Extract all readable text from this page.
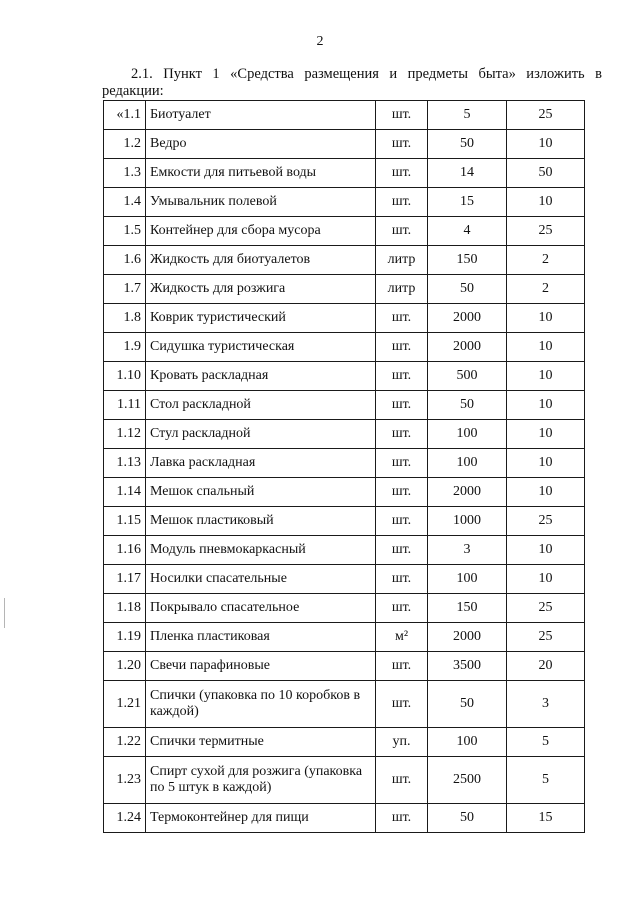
2
2.1. Пункт 1 «Средства размещения и предметы быта» изложить в
редакции:
«1.1	Биотуалет	шт.	5	25
1.2	Ведро	шт.	50	10
1.3	Емкости для питьевой воды	шт.	14	50
1.4	Умывальник полевой	шт.	15	10
1.5	Контейнер для сбора мусора	шт.	4	25
1.6	Жидкость для биотуалетов	литр	150	2
1.7	Жидкость для розжига	литр	50	2
1.8	Коврик туристический	шт.	2000	10
1.9	Сидушка туристическая	шт.	2000	10
1.10	Кровать раскладная	шт.	500	10
1.11	Стол раскладной	шт.	50	10
1.12	Стул раскладной	шт.	100	10
1.13	Лавка раскладная	шт.	100	10
1.14	Мешок спальный	шт.	2000	10
1.15	Мешок пластиковый	шт.	1000	25
1.16	Модуль пневмокаркасный	шт.	3	10
1.17	Носилки спасательные	шт.	100	10
1.18	Покрывало спасательное	шт.	150	25
1.19	Пленка пластиковая	м²	2000	25
1.20	Свечи парафиновые	шт.	3500	20
1.21	Спички (упаковка по 10 коробков в каждой)	шт.	50	3
1.22	Спички термитные	уп.	100	5
1.23	Спирт сухой для розжига (упаковка по 5 штук в каждой)	шт.	2500	5
1.24	Термоконтейнер для пищи	шт.	50	15
